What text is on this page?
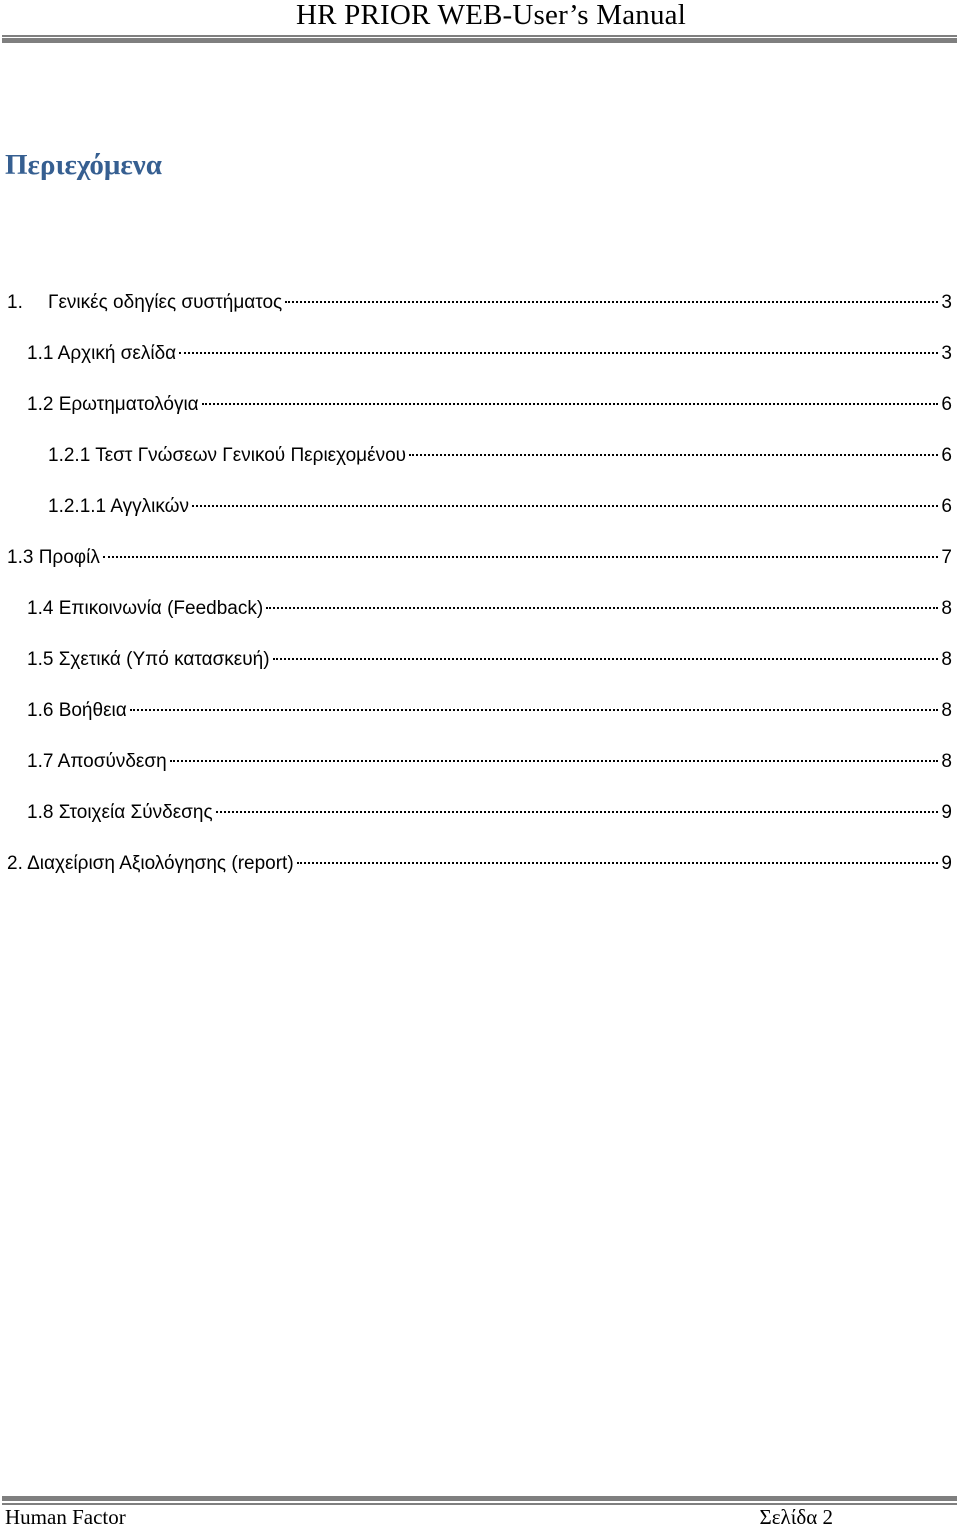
HR PRIOR WEB-User’s Manual
Περιεχόμενα
1.	Γενικές οδηγίες συστήματος	3
1.1 Αρχική σελίδα	3
1.2 Ερωτηματολόγια	6
1.2.1 Τεστ Γνώσεων Γενικού Περιεχομένου	6
1.2.1.1 Αγγλικών	6
1.3 Προφίλ	7
1.4 Επικοινωνία (Feedback)	8
1.5 Σχετικά (Υπό κατασκευή)	8
1.6 Βοήθεια	8
1.7 Αποσύνδεση	8
1.8 Στοιχεία Σύνδεσης	9
2. Διαχείριση Αξιολόγησης (report)	9
Human Factor	Σελίδα 2
